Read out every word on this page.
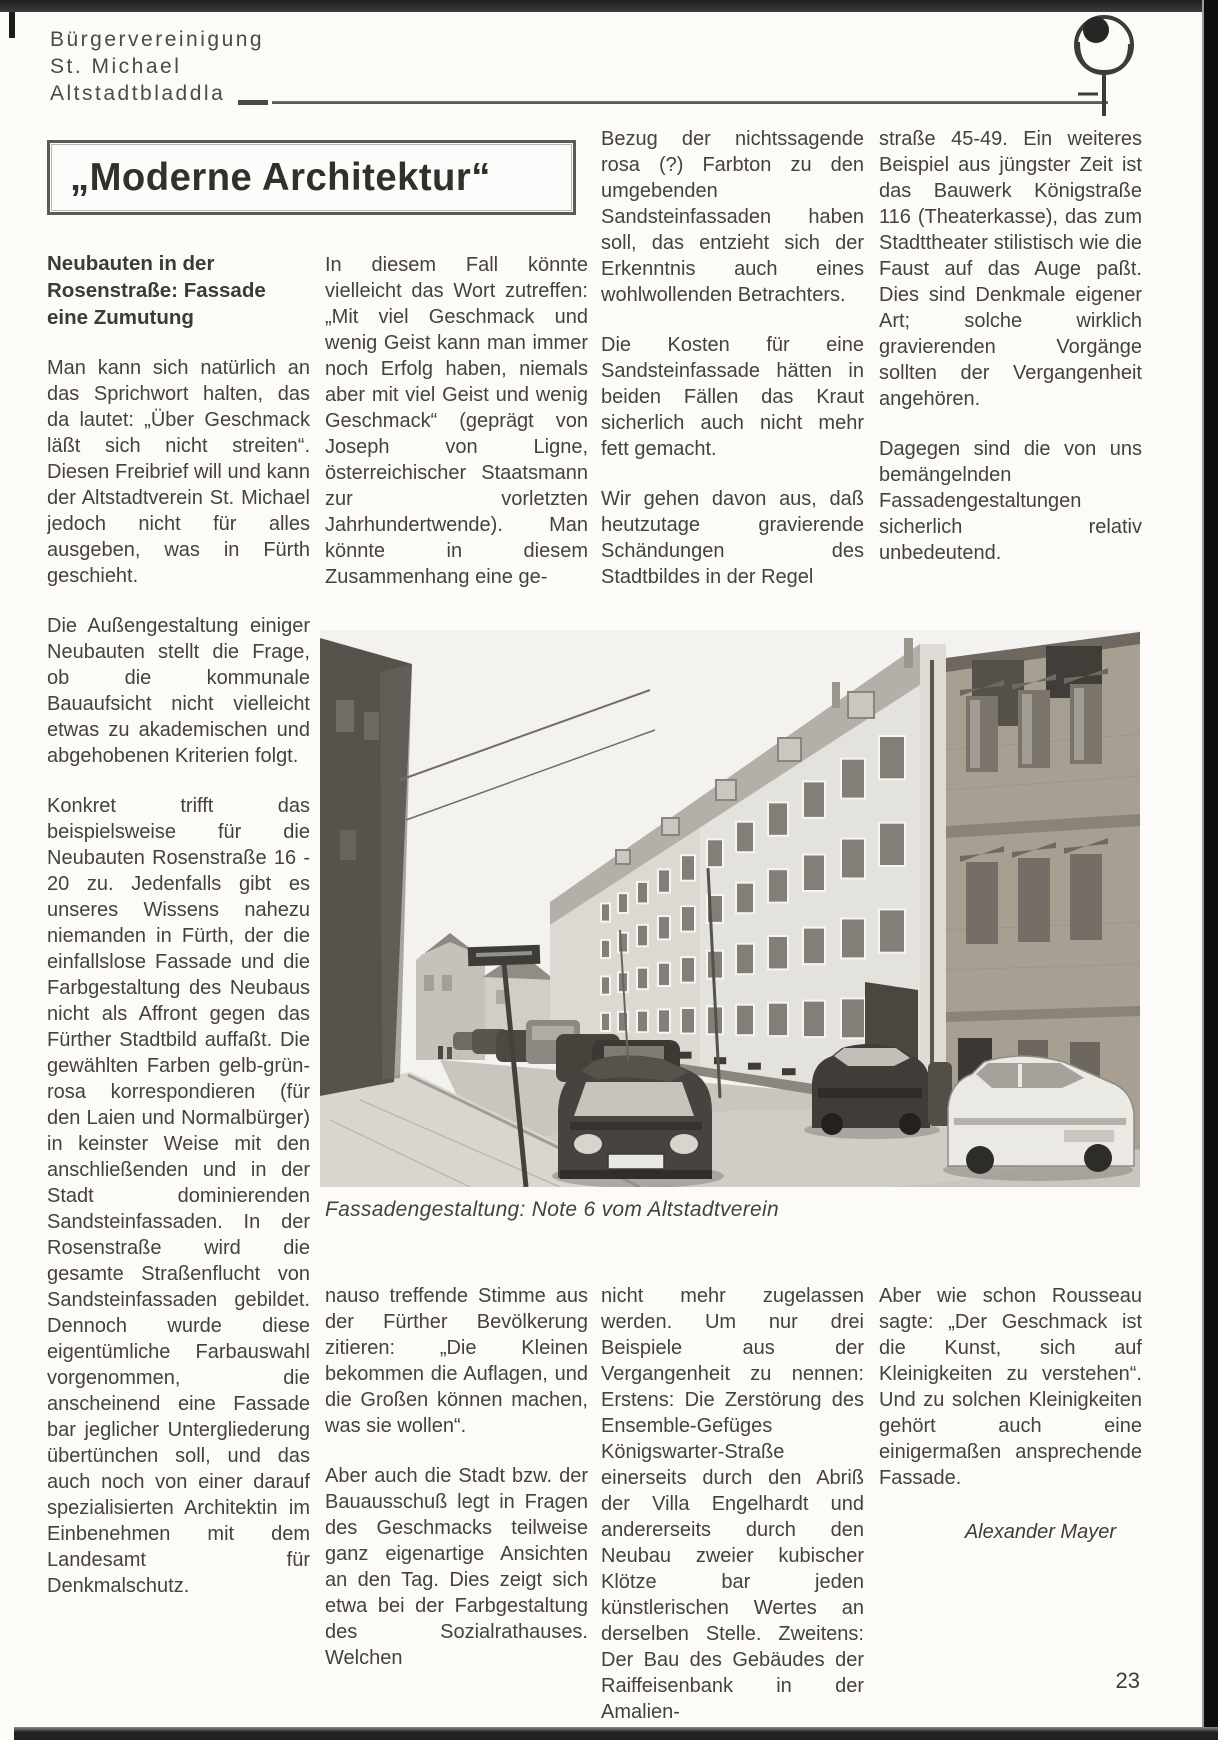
Bürgervereinigung
St. Michael
Altstadtbladdla
„Moderne Architektur“

Neubauten in der Rosenstraße: Fassade eine Zumutung

Man kann sich natürlich an das Sprichwort halten, das da lautet: „Über Geschmack läßt sich nicht streiten“. Diesen Freibrief will und kann der Altstadtverein St. Michael jedoch nicht für alles ausgeben, was in Fürth geschieht.

Die Außengestaltung einiger Neubauten stellt die Frage, ob die kommunale Bauaufsicht nicht vielleicht etwas zu akademischen und abgehobenen Kriterien folgt.

Konkret trifft das beispielsweise für die Neubauten Rosenstraße 16 - 20 zu. Jedenfalls gibt es unseres Wissens nahezu niemanden in Fürth, der die einfallslose Fassade und die Farbgestaltung des Neubaus nicht als Affront gegen das Fürther Stadtbild auffaßt. Die gewählten Farben gelb-grün-rosa korrespondieren (für den Laien und Normalbürger) in keinster Weise mit den anschließenden und in der Stadt dominierenden Sandsteinfassaden. In der Rosenstraße wird die gesamte Straßenflucht von Sandsteinfassaden gebildet. Dennoch wurde diese eigentümliche Farbauswahl vorgenommen, die anscheinend eine Fassade bar jeglicher Untergliederung übertünchen soll, und das auch noch von einer darauf spezialisierten Architektin im Einbenehmen mit dem Landesamt für Denkmalschutz.

In diesem Fall könnte vielleicht das Wort zutreffen: „Mit viel Geschmack und wenig Geist kann man immer noch Erfolg haben, niemals aber mit viel Geist und wenig Geschmack“ (geprägt von Joseph von Ligne, österreichischer Staatsmann zur vorletzten Jahrhundertwende). Man könnte in diesem Zusammenhang eine ge-

Bezug der nichtssagende rosa (?) Farbton zu den umgebenden Sandsteinfassaden haben soll, das entzieht sich der Erkenntnis auch eines wohlwollenden Betrachters.

Die Kosten für eine Sandsteinfassade hätten in beiden Fällen das Kraut sicherlich auch nicht mehr fett gemacht.

Wir gehen davon aus, daß heutzutage gravierende Schändungen des Stadtbildes in der Regel

straße 45-49. Ein weiteres Beispiel aus jüngster Zeit ist das Bauwerk Königstraße 116 (Theaterkasse), das zum Stadttheater stilistisch wie die Faust auf das Auge paßt. Dies sind Denkmale eigener Art; solche wirklich gravierenden Vorgänge sollten der Vergangenheit angehören.

Dagegen sind die von uns bemängelnden Fassadengestaltungen sicherlich relativ unbedeutend.

Fassadengestaltung: Note 6 vom Altstadtverein

nauso treffende Stimme aus der Fürther Bevölkerung zitieren: „Die Kleinen bekommen die Auflagen, und die Großen können machen, was sie wollen“.

Aber auch die Stadt bzw. der Bauausschuß legt in Fragen des Geschmacks teilweise ganz eigenartige Ansichten an den Tag. Dies zeigt sich etwa bei der Farbgestaltung des Sozialrathauses. Welchen

nicht mehr zugelassen werden. Um nur drei Beispiele aus der Vergangenheit zu nennen: Erstens: Die Zerstörung des Ensemble-Gefüges Königswarter-Straße einerseits durch den Abriß der Villa Engelhardt und andererseits durch den Neubau zweier kubischer Klötze bar jeden künstlerischen Wertes an derselben Stelle. Zweitens: Der Bau des Gebäudes der Raiffeisenbank in der Amalien-

Aber wie schon Rousseau sagte: „Der Geschmack ist die Kunst, sich auf Kleinigkeiten zu verstehen“. Und zu solchen Kleinigkeiten gehört auch eine einigermaßen ansprechende Fassade.

Alexander Mayer

23
